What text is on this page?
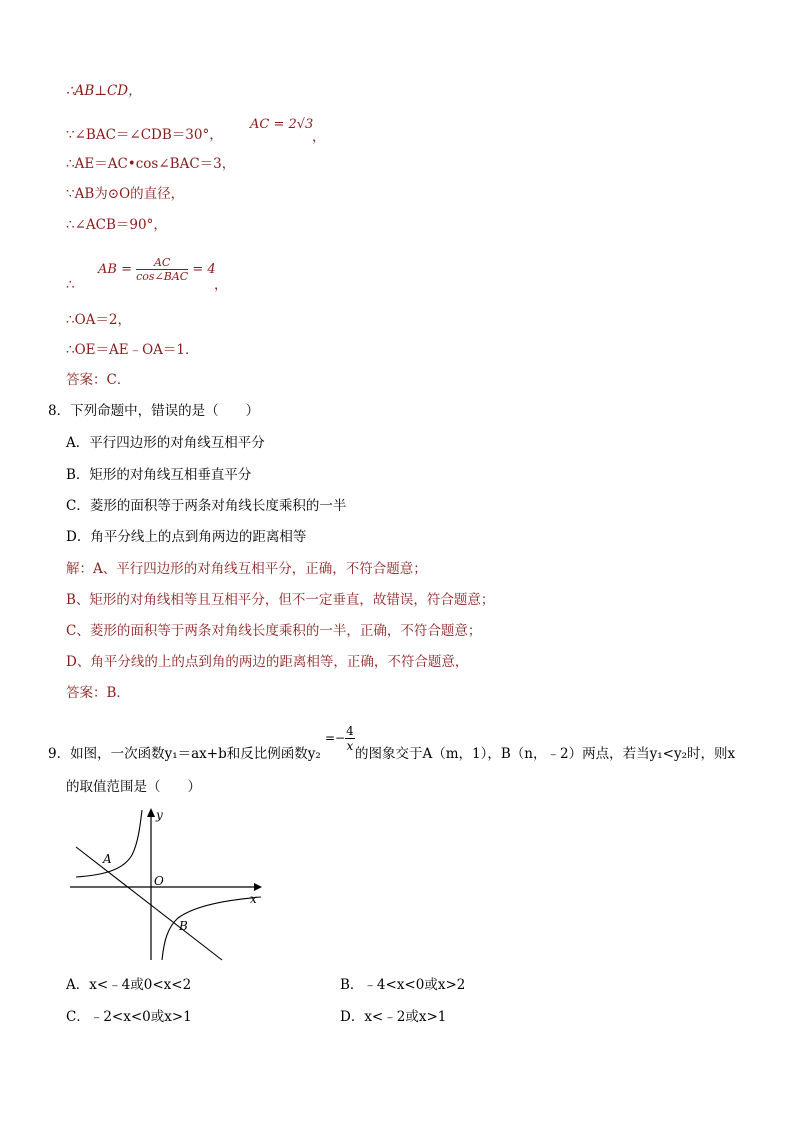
∴AB⊥CD，
∵∠BAC＝∠CDB＝30°，
AC = 2√3
，
∴AE＝AC•cos∠BAC＝3，
∵AB为⊙O的直径，
∴∠ACB＝90°，
∴
AB = $\frac{AC}{\text{cos∠BAC}} = 4$
，
∴OA＝2，
∴OE＝AE﹣OA＝1．
答案：C．
8．下列命题中，错误的是（　　）
A．平行四边形的对角线互相平分
B．矩形的对角线互相垂直平分
C．菱形的面积等于两条对角线长度乘积的一半
D．角平分线上的点到角两边的距离相等
解：A、平行四边形的对角线互相平分，正确，不符合题意；
B、矩形的对角线相等且互相平分，但不一定垂直，故错误，符合题意；
C、菱形的面积等于两条对角线长度乘积的一半，正确，不符合题意；
D、角平分线的上的点到角的两边的距离相等，正确，不符合题意，
答案：B．
9．如图，一次函数y₁＝ax+b和反比例函数y₂
=− $\frac{4}{x}$
的图象交于A（m，1），B（n，﹣2）两点，若当y₁<y₂时，则x
的取值范围是（　　）
y
x
O
A
B
A．x<﹣4或0<x<2	B．﹣4<x<0或x>2
C．﹣2<x<0或x>1	D．x<﹣2或x>1
